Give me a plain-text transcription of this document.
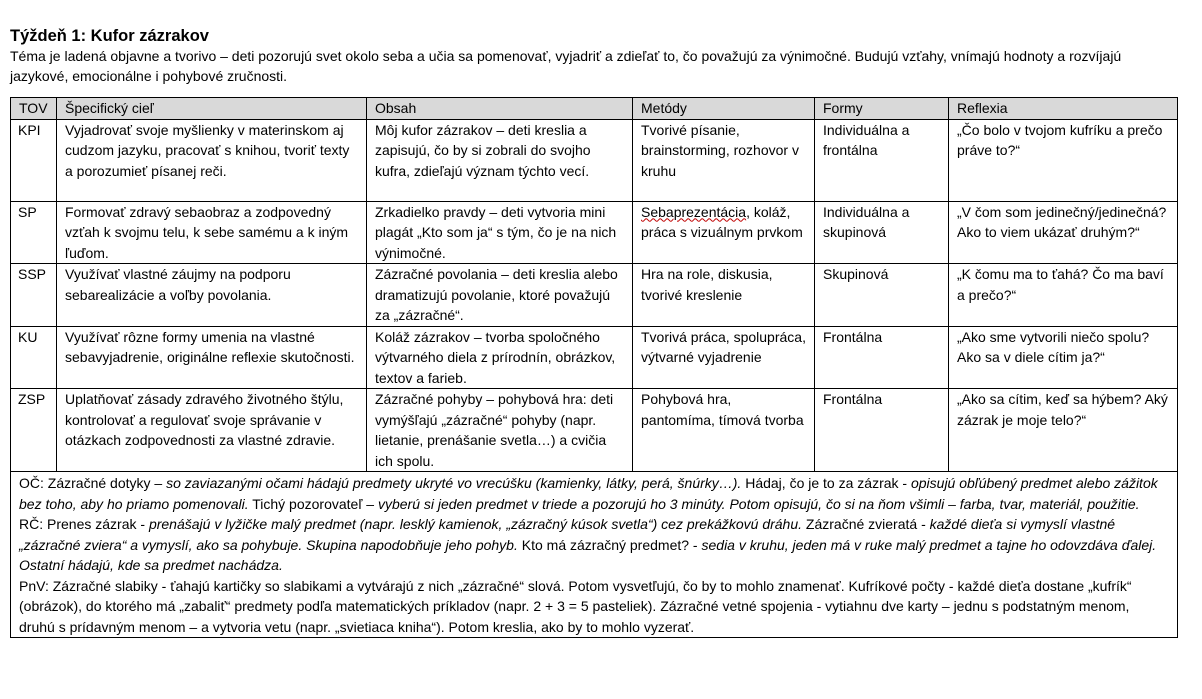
Týždeň 1: Kufor zázrakov

Téma je ladená objavne a tvorivo – deti pozorujú svet okolo seba a učia sa pomenovať, vyjadriť a zdieľať to, čo považujú za výnimočné. Budujú vzťahy, vnímajú hodnoty a rozvíjajú jazykové, emocionálne i pohybové zručnosti.

TOV	Špecifický cieľ	Obsah	Metódy	Formy	Reflexia
KPI	Vyjadrovať svoje myšlienky v materinskom aj cudzom jazyku, pracovať s knihou, tvoriť texty a porozumieť písanej reči.	Môj kufor zázrakov – deti kreslia a zapisujú, čo by si zobrali do svojho kufra, zdieľajú význam týchto vecí.	Tvorivé písanie, brainstorming, rozhovor v kruhu	Individuálna a frontálna	„Čo bolo v tvojom kufríku a prečo práve to?“
SP	Formovať zdravý sebaobraz a zodpovedný vzťah k svojmu telu, k sebe samému a k iným ľuďom.	Zrkadielko pravdy – deti vytvoria mini plagát „Kto som ja“ s tým, čo je na nich výnimočné.	Sebaprezentácia, koláž, práca s vizuálnym prvkom	Individuálna a skupinová	„V čom som jedinečný/jedinečná? Ako to viem ukázať druhým?“
SSP	Využívať vlastné záujmy na podporu sebarealizácie a voľby povolania.	Zázračné povolania – deti kreslia alebo dramatizujú povolanie, ktoré považujú za „zázračné“.	Hra na role, diskusia, tvorivé kreslenie	Skupinová	„K čomu ma to ťahá? Čo ma baví a prečo?“
KU	Využívať rôzne formy umenia na vlastné sebavyjadrenie, originálne reflexie skutočnosti.	Koláž zázrakov – tvorba spoločného výtvarného diela z prírodnín, obrázkov, textov a farieb.	Tvorivá práca, spolupráca, výtvarné vyjadrenie	Frontálna	„Ako sme vytvorili niečo spolu? Ako sa v diele cítim ja?“
ZSP	Uplatňovať zásady zdravého životného štýlu, kontrolovať a regulovať svoje správanie v otázkach zodpovednosti za vlastné zdravie.	Zázračné pohyby – pohybová hra: deti vymýšľajú „zázračné“ pohyby (napr. lietanie, prenášanie svetla…) a cvičia ich spolu.	Pohybová hra, pantomíma, tímová tvorba	Frontálna	„Ako sa cítim, keď sa hýbem? Aký zázrak je moje telo?“

OČ: Zázračné dotyky – so zaviazanými očami hádajú predmety ukryté vo vrecúšku (kamienky, látky, perá, šnúrky…). Hádaj, čo je to za zázrak - opisujú obľúbený predmet alebo zážitok bez toho, aby ho priamo pomenovali. Tichý pozorovateľ – vyberú si jeden predmet v triede a pozorujú ho 3 minúty. Potom opisujú, čo si na ňom všimli – farba, tvar, materiál, použitie.

RČ: Prenes zázrak - prenášajú v lyžičke malý predmet (napr. lesklý kamienok, „zázračný kúsok svetla“) cez prekážkovú dráhu. Zázračné zvieratá - každé dieťa si vymyslí vlastné „zázračné zviera“ a vymyslí, ako sa pohybuje. Skupina napodobňuje jeho pohyb. Kto má zázračný predmet? - sedia v kruhu, jeden má v ruke malý predmet a tajne ho odovzdáva ďalej. Ostatní hádajú, kde sa predmet nachádza.

PnV: Zázračné slabiky - ťahajú kartičky so slabikami a vytvárajú z nich „zázračné“ slová. Potom vysvetľujú, čo by to mohlo znamenať. Kufríkové počty - každé dieťa dostane „kufrík“ (obrázok), do ktorého má „zabaliť“ predmety podľa matematických príkladov (napr. 2 + 3 = 5 pasteliek). Zázračné vetné spojenia - vytiahnu dve karty – jednu s podstatným menom, druhú s prídavným menom – a vytvoria vetu (napr. „svietiaca kniha“). Potom kreslia, ako by to mohlo vyzerať.					
